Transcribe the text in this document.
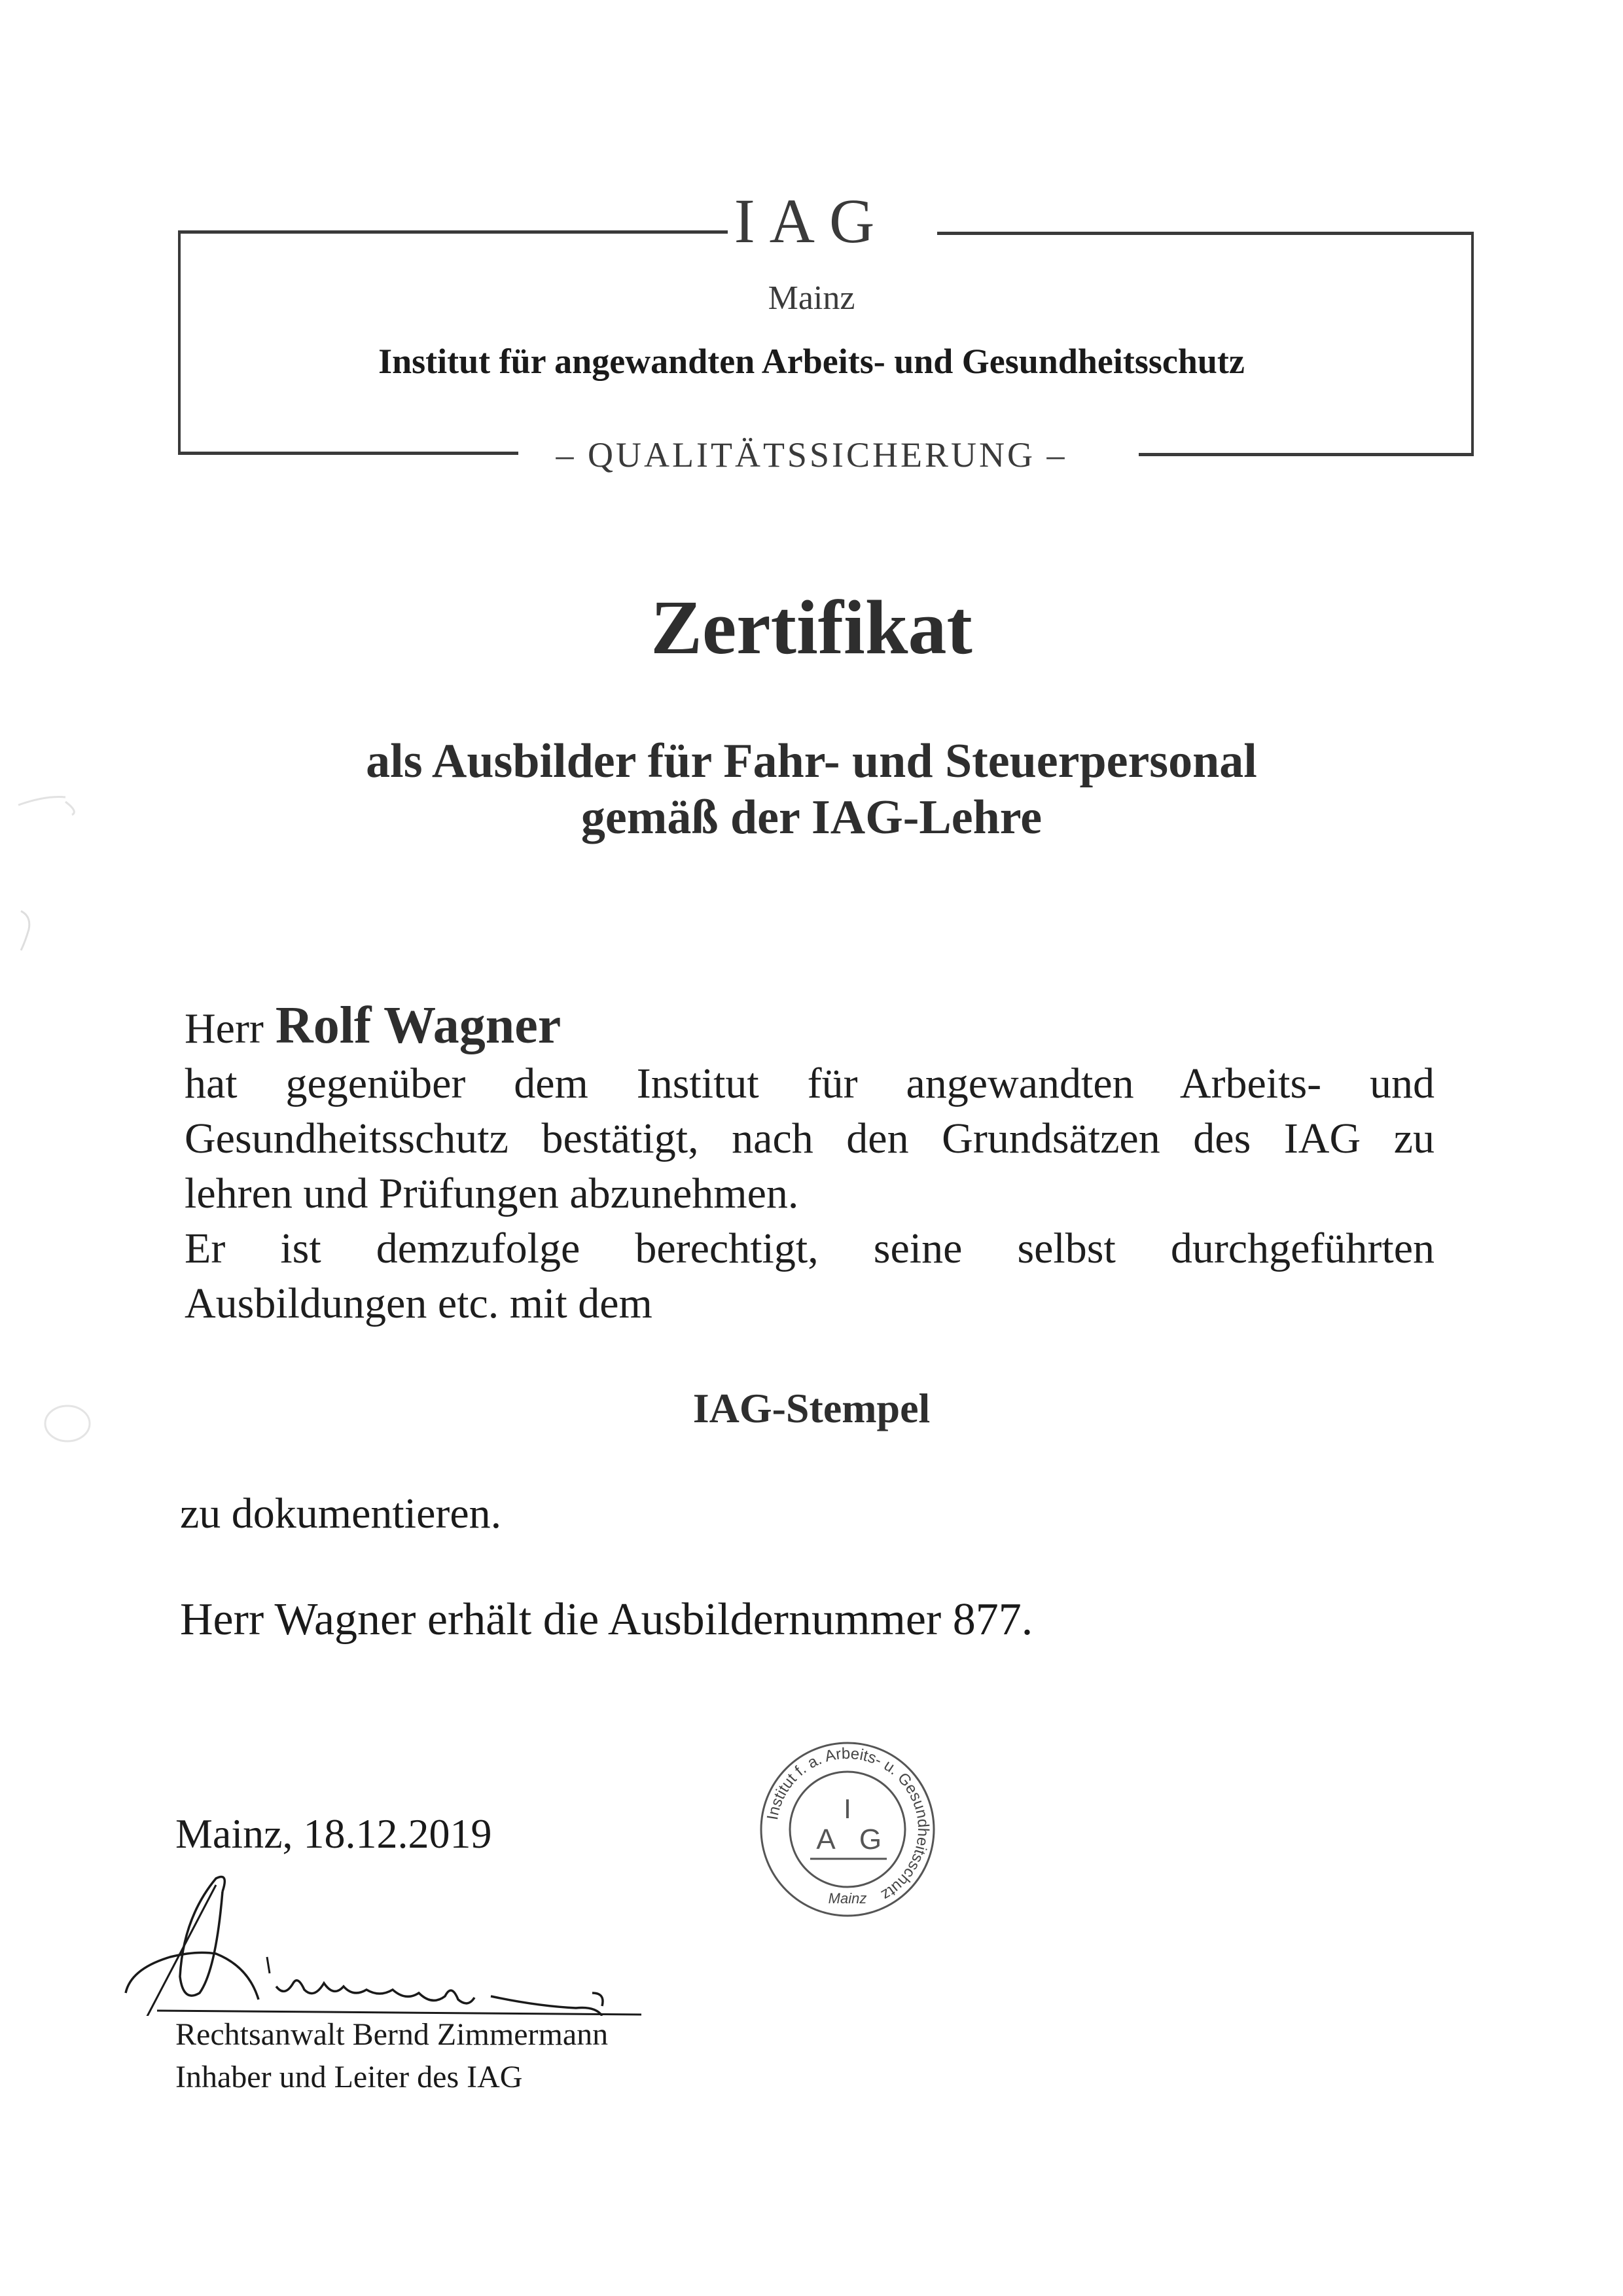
IAG
Mainz
Institut für angewandten Arbeits- und Gesundheitsschutz
– QUALITÄTSSICHERUNG –
Zertifikat
als Ausbilder für Fahr- und Steuerpersonal
gemäß der IAG-Lehre

Herr Rolf Wagner

hat gegenüber dem Institut für angewandten Arbeits- und

Gesundheitsschutz bestätigt, nach den Grundsätzen des IAG zu

lehren und Prüfungen abzunehmen.

Er ist demzufolge berechtigt, seine selbst durchgeführten

Ausbildungen etc. mit dem

IAG-Stempel
zu dokumentieren.
Herr Wagner erhält die Ausbildernummer 877.
Mainz, 18.12.2019
Rechtsanwalt Bernd Zimmermann
Inhaber und Leiter des IAG
Institut f. a. Arbeits- u. Gesundheitsschutz
I
A G
Mainz
